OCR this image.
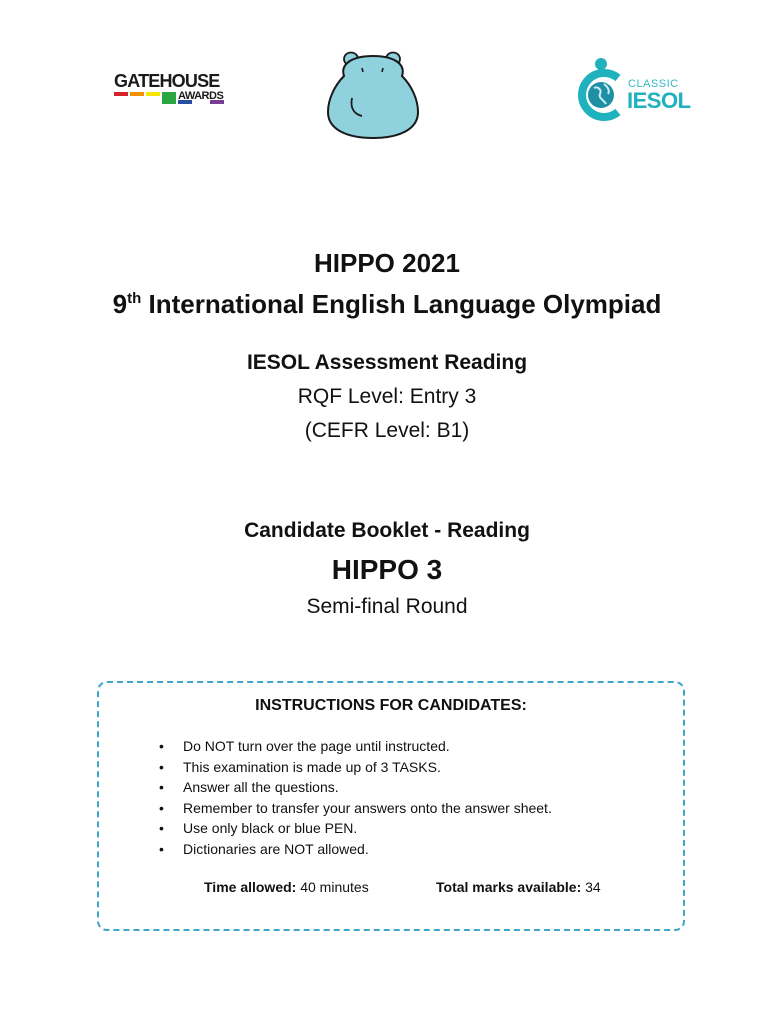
GATEHOUSE
AWARDS
CLASSIC
IESOL
HIPPO 2021
9th International English Language Olympiad
IESOL Assessment Reading
RQF Level: Entry 3
(CEFR Level: B1)
Candidate Booklet - Reading
HIPPO 3
Semi-final Round
INSTRUCTIONS FOR CANDIDATES:
• Do NOT turn over the page until instructed.
• This examination is made up of 3 TASKS.
• Answer all the questions.
• Remember to transfer your answers onto the answer sheet.
• Use only black or blue PEN.
• Dictionaries are NOT allowed.
Time allowed: 40 minutes	Total marks available: 34
